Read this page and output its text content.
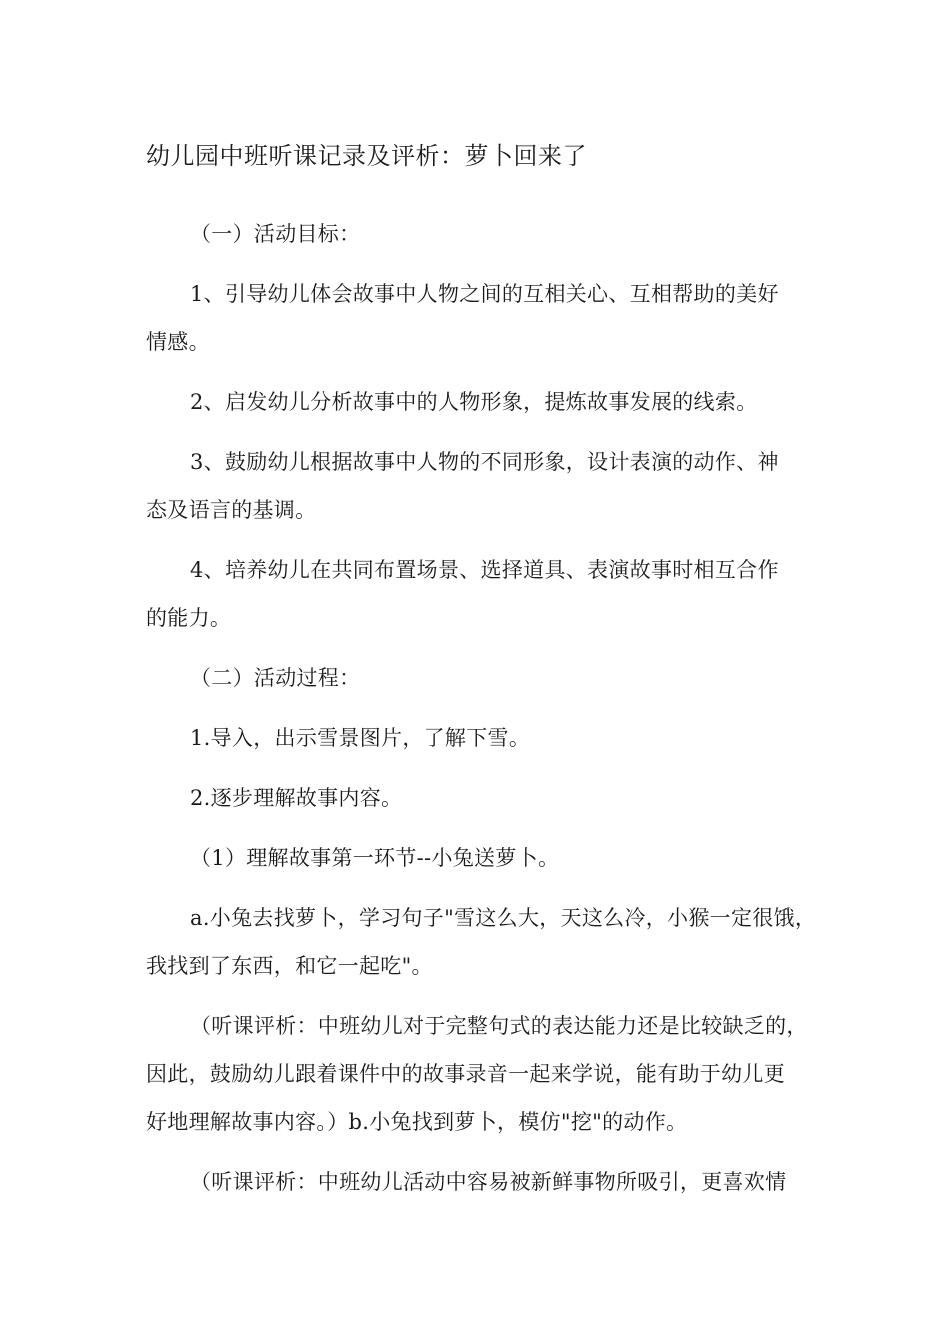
幼儿园中班听课记录及评析：萝卜回来了
（一）活动目标：
1、引导幼儿体会故事中人物之间的互相关心、互相帮助的美好
情感。
2、启发幼儿分析故事中的人物形象，提炼故事发展的线索。
3、鼓励幼儿根据故事中人物的不同形象，设计表演的动作、神
态及语言的基调。
4、培养幼儿在共同布置场景、选择道具、表演故事时相互合作
的能力。
（二）活动过程：
1.导入，出示雪景图片，了解下雪。
2.逐步理解故事内容。
（1）理解故事第一环节--小兔送萝卜。
a.小兔去找萝卜，学习句子"雪这么大，天这么冷，小猴一定很饿，
我找到了东西，和它一起吃"。
（听课评析：中班幼儿对于完整句式的表达能力还是比较缺乏的，
因此，鼓励幼儿跟着课件中的故事录音一起来学说，能有助于幼儿更
好地理解故事内容。）b.小兔找到萝卜，模仿"挖"的动作。
（听课评析：中班幼儿活动中容易被新鲜事物所吸引，更喜欢情
